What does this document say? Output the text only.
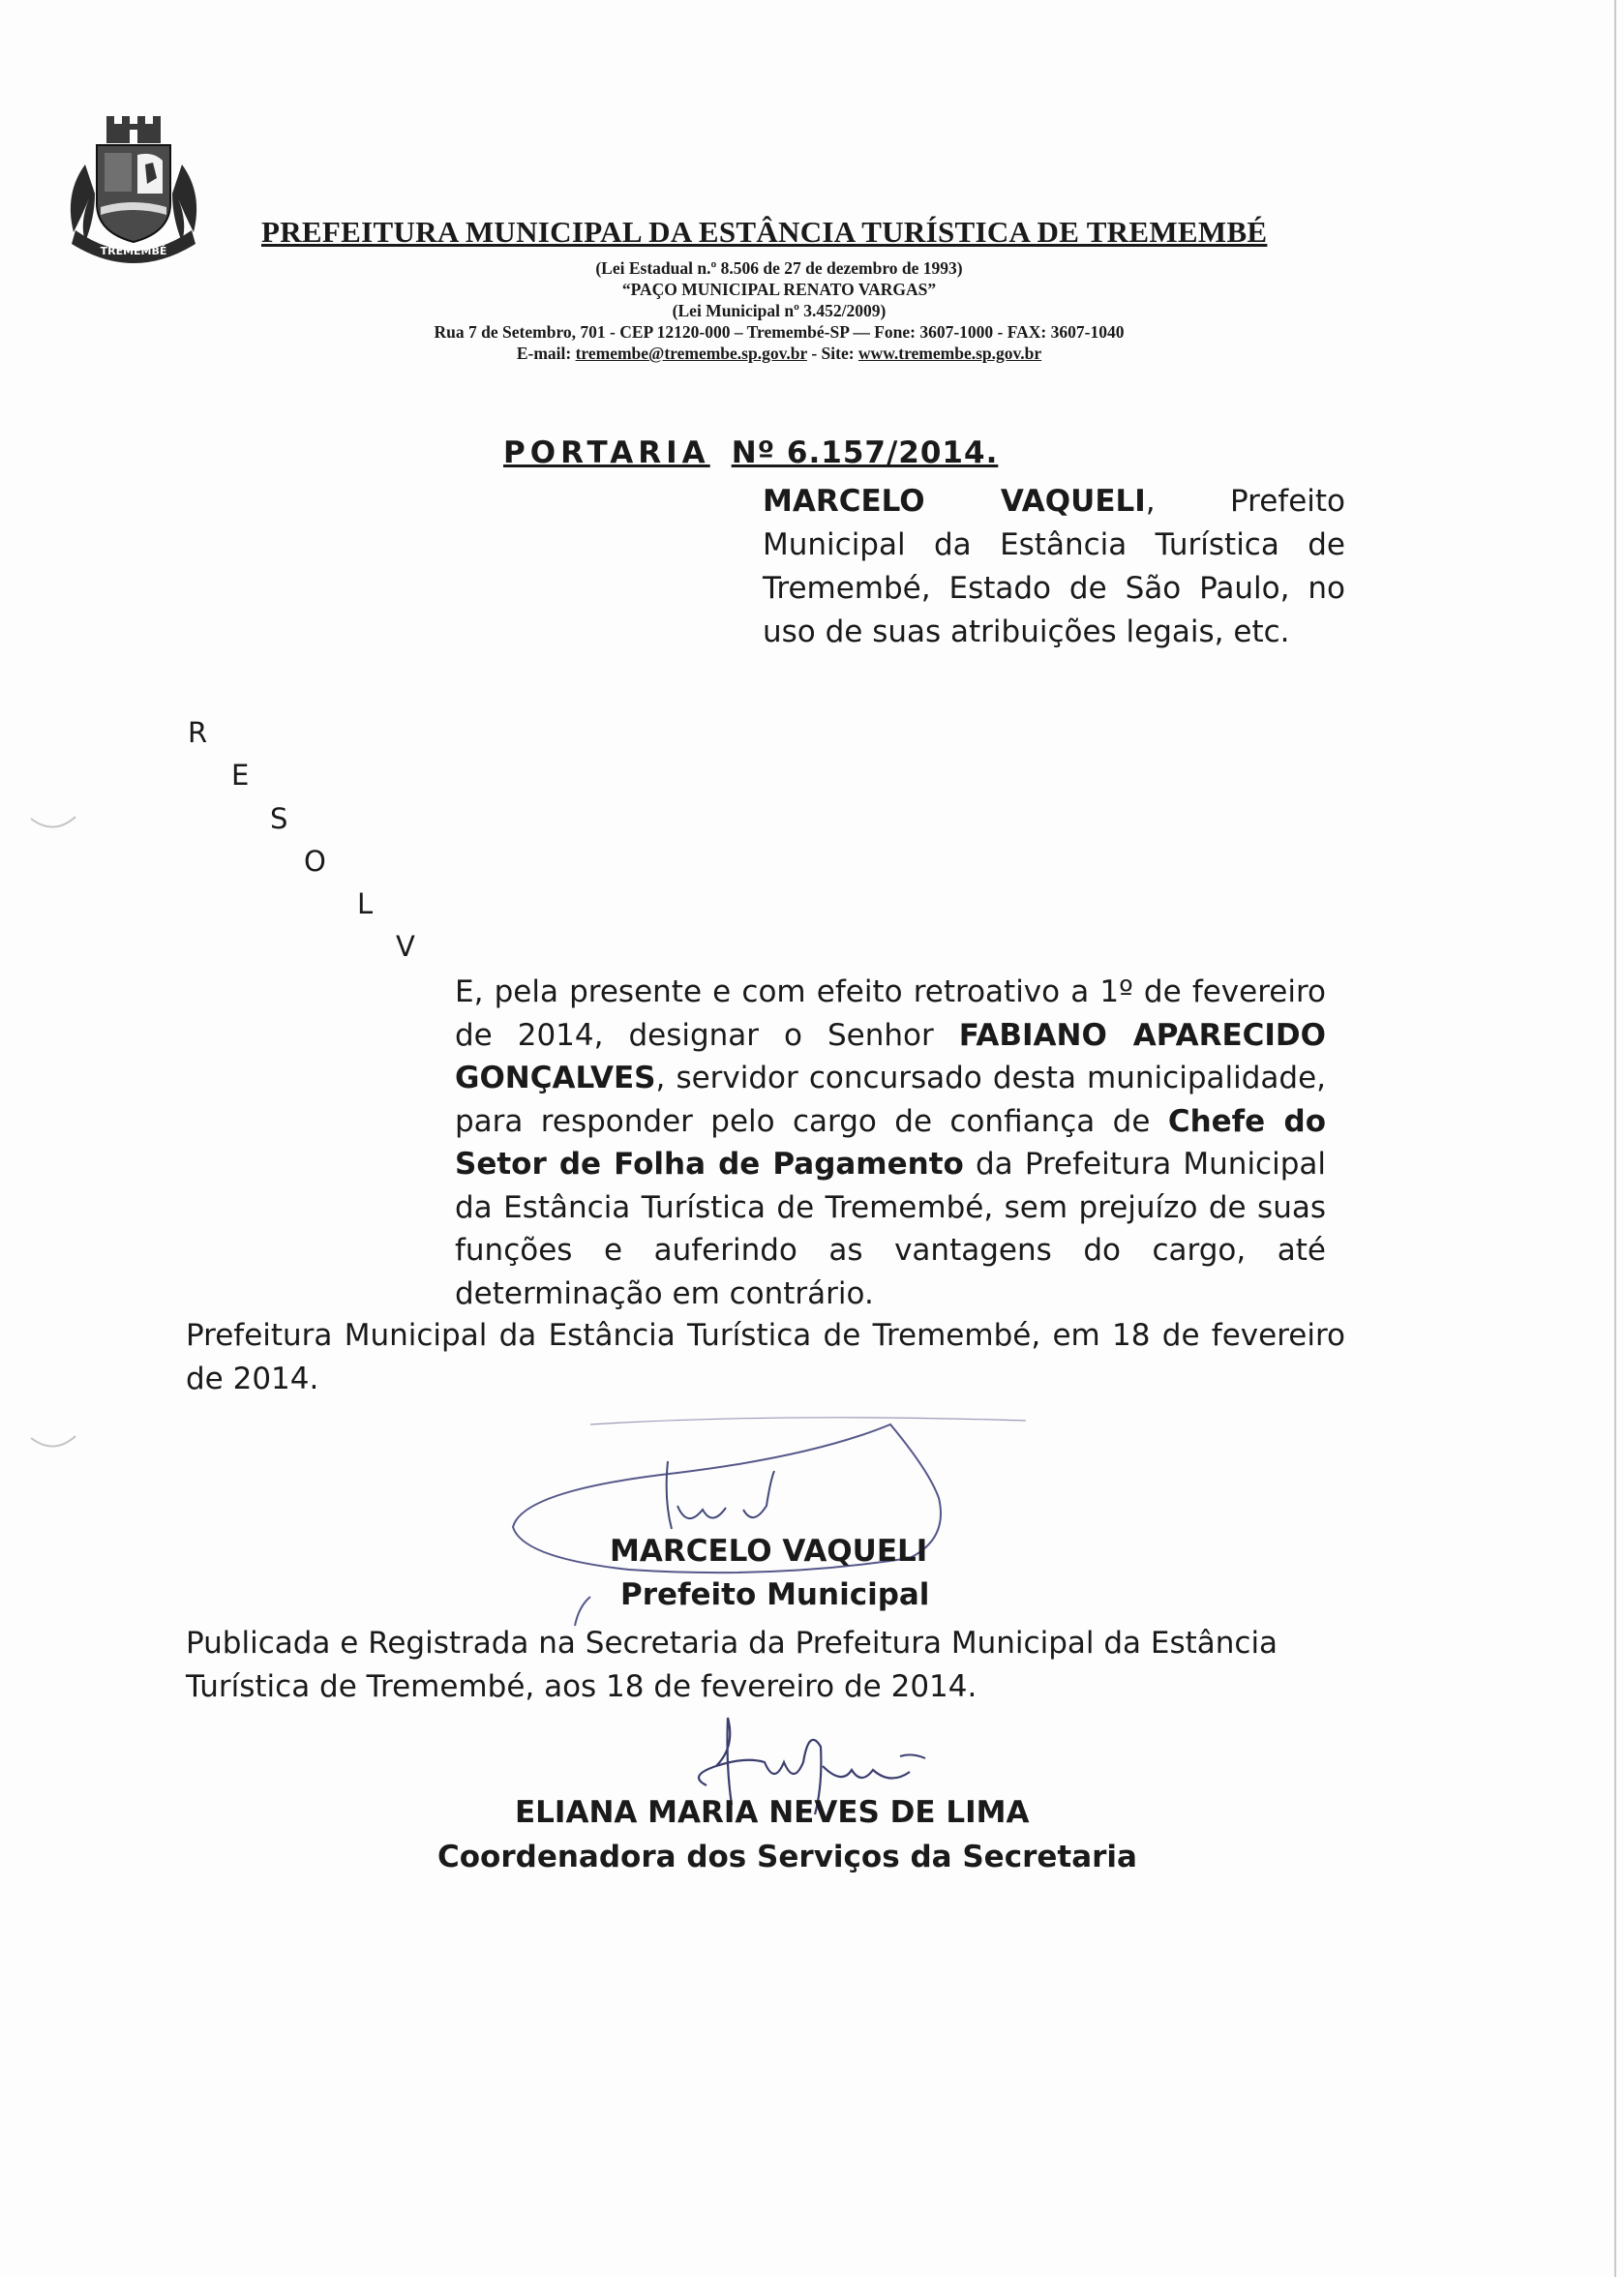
TREMEMBÉ
PREFEITURA MUNICIPAL DA ESTÂNCIA TURÍSTICA DE TREMEMBÉ
(Lei Estadual n.º 8.506 de 27 de dezembro de 1993)
“PAÇO MUNICIPAL RENATO VARGAS”
(Lei Municipal nº 3.452/2009)
Rua 7 de Setembro, 701 - CEP 12120-000 – Tremembé-SP — Fone: 3607-1000 - FAX: 3607-1040
E-mail: tremembe@tremembe.sp.gov.br - Site: www.tremembe.sp.gov.br
PORTARIA Nº 6.157/2014.
MARCELO VAQUELI, Prefeito Municipal da Estância Turística de Tremembé, Estado de São Paulo, no uso de suas atribuições legais, etc.
R
E
S
O
L
V
E, pela presente e com efeito retroativo a 1º de fevereiro de 2014, designar o Senhor FABIANO APARECIDO GONÇALVES, servidor concursado desta municipalidade, para responder pelo cargo de confiança de Chefe do Setor de Folha de Pagamento da Prefeitura Municipal da Estância Turística de Tremembé, sem prejuízo de suas funções e auferindo as vantagens do cargo, até determinação em contrário.
Prefeitura Municipal da Estância Turística de Tremembé, em 18 de fevereiro de 2014.
MARCELO VAQUELI
Prefeito Municipal
Publicada e Registrada na Secretaria da Prefeitura Municipal da Estância Turística de Tremembé, aos 18 de fevereiro de 2014.
ELIANA MARIA NEVES DE LIMA
Coordenadora dos Serviços da Secretaria
